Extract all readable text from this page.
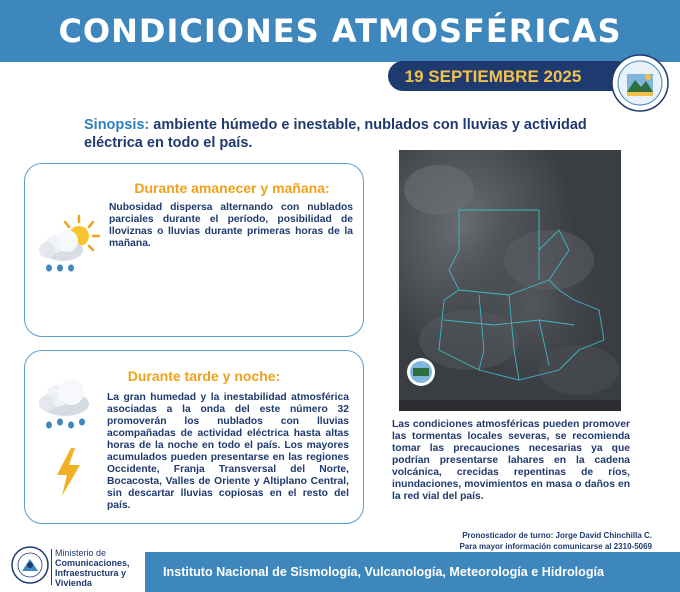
CONDICIONES ATMOSFÉRICAS
19 SEPTIEMBRE 2025
Sinopsis: ambiente húmedo e inestable, nublados con lluvias y actividad eléctrica en todo el país.
Durante amanecer y mañana:
Nubosidad dispersa alternando con nublados parciales durante el período, posibilidad de lloviznas o lluvias durante primeras horas de la mañana.
Durante tarde y noche:
La gran humedad y la inestabilidad atmosférica asociadas a la onda del este número 32 promoverán los nublados con lluvias acompañadas de actividad eléctrica hasta altas horas de la noche en todo el país. Los mayores acumulados pueden presentarse en las regiones Occidente, Franja Transversal del Norte, Bocacosta, Valles de Oriente y Altiplano Central, sin descartar lluvias copiosas en el resto del país.
Las condiciones atmosféricas pueden promover las tormentas locales severas, se recomienda tomar las precauciones necesarias ya que podrían presentarse lahares en la cadena volcánica, crecidas repentinas de ríos, inundaciones, movimientos en masa o daños en la red vial del país.
Pronosticador de turno: Jorge David Chinchilla C.
Para mayor información comunicarse al 2310-5069
Ministerio de
Comunicaciones,
Infraestructura y
Vivienda
Instituto Nacional de Sismología, Vulcanología, Meteorología e Hidrología
